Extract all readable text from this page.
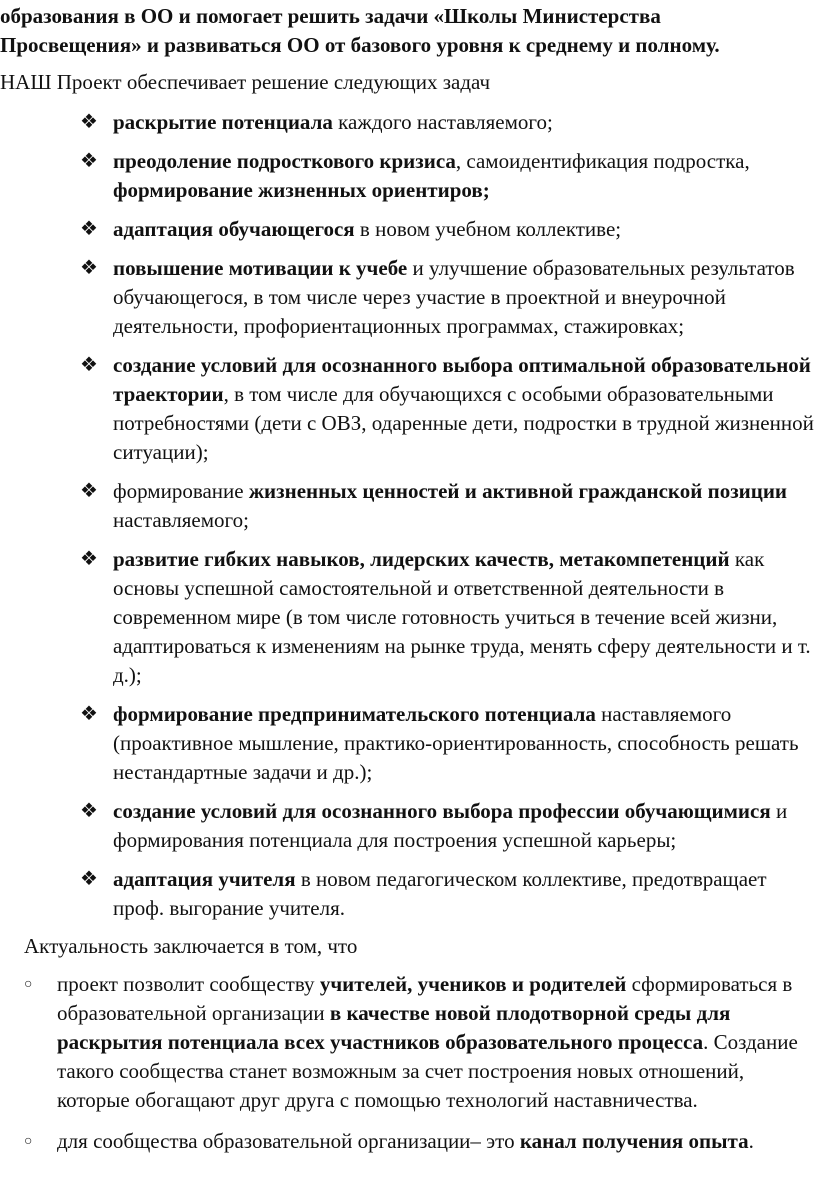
образования в ОО и помогает решить задачи «Школы Министерства
Просвещения» и развиваться ОО от базового уровня к среднему и полному.

НАШ Проект обеспечивает решение следующих задач

❖ раскрытие потенциала каждого наставляемого;
❖ преодоление подросткового кризиса, самоидентификация подростка, формирование жизненных ориентиров;
❖ адаптация обучающегося в новом учебном коллективе;
❖ повышение мотивации к учебе и улучшение образовательных результатов обучающегося, в том числе через участие в проектной и внеурочной деятельности, профориентационных программах, стажировках;
❖ создание условий для осознанного выбора оптимальной образовательной траектории, в том числе для обучающихся с особыми образовательными потребностями (дети с ОВЗ, одаренные дети, подростки в трудной жизненной ситуации);
❖ формирование жизненных ценностей и активной гражданской позиции наставляемого;
❖ развитие гибких навыков, лидерских качеств, метакомпетенций как основы успешной самостоятельной и ответственной деятельности в современном мире (в том числе готовность учиться в течение всей жизни, адаптироваться к изменениям на рынке труда, менять сферу деятельности и т. д.);
❖ формирование предпринимательского потенциала наставляемого (проактивное мышление, практико-ориентированность, способность решать нестандартные задачи и др.);
❖ создание условий для осознанного выбора профессии обучающимися и формирования потенциала для построения успешной карьеры;
❖ адаптация учителя в новом педагогическом коллективе, предотвращает проф. выгорание учителя.

Актуальность заключается в том, что

○ проект позволит сообществу учителей, учеников и родителей сформироваться в образовательной организации в качестве новой плодотворной среды для раскрытия потенциала всех участников образовательного процесса. Создание такого сообщества станет возможным за счет построения новых отношений, которые обогащают друг друга с помощью технологий наставничества.
○ для сообщества образовательной организации– это канал получения опыта.
